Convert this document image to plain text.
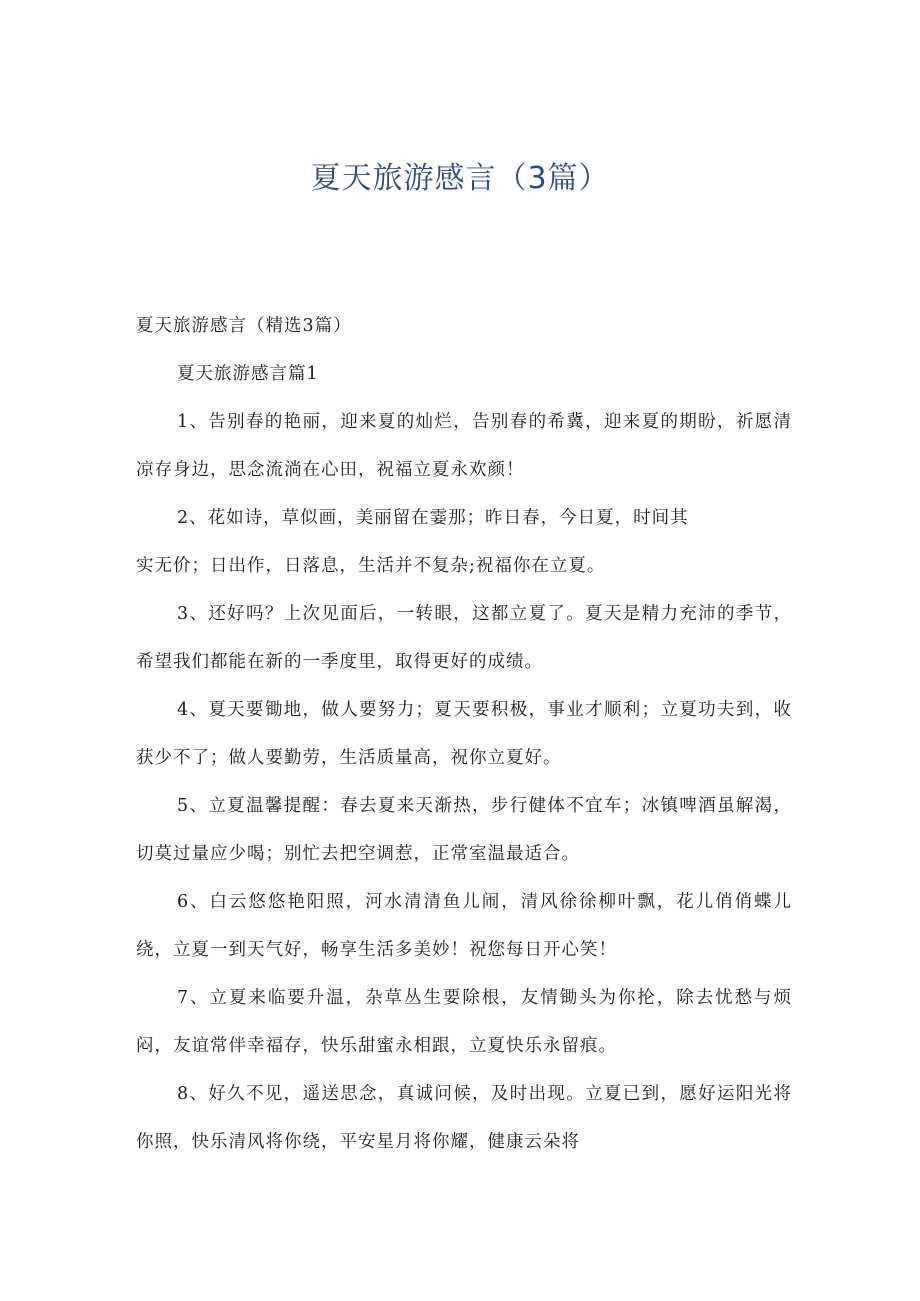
夏天旅游感言（3篇）

夏天旅游感言（精选3篇）

夏天旅游感言篇1

1、告别春的艳丽，迎来夏的灿烂，告别春的希冀，迎来夏的期盼，祈愿清凉存身边，思念流淌在心田，祝福立夏永欢颜！

2、花如诗，草似画，美丽留在霎那；昨日春，今日夏，时间其

实无价；日出作，日落息，生活并不复杂;祝福你在立夏。

3、还好吗？上次见面后，一转眼，这都立夏了。夏天是精力充沛的季节，希望我们都能在新的一季度里，取得更好的成绩。

4、夏天要锄地，做人要努力；夏天要积极，事业才顺利；立夏功夫到，收获少不了；做人要勤劳，生活质量高，祝你立夏好。

5、立夏温馨提醒：春去夏来天渐热，步行健体不宜车；冰镇啤酒虽解渴，切莫过量应少喝；别忙去把空调惹，正常室温最适合。

6、白云悠悠艳阳照，河水清清鱼儿闹，清风徐徐柳叶飘，花儿俏俏蝶儿绕，立夏一到天气好，畅享生活多美妙！祝您每日开心笑！

7、立夏来临要升温，杂草丛生要除根，友情锄头为你抡，除去忧愁与烦闷，友谊常伴幸福存，快乐甜蜜永相跟，立夏快乐永留痕。

8、好久不见，遥送思念，真诚问候，及时出现。立夏已到，愿好运阳光将你照，快乐清风将你绕，平安星月将你耀，健康云朵将
